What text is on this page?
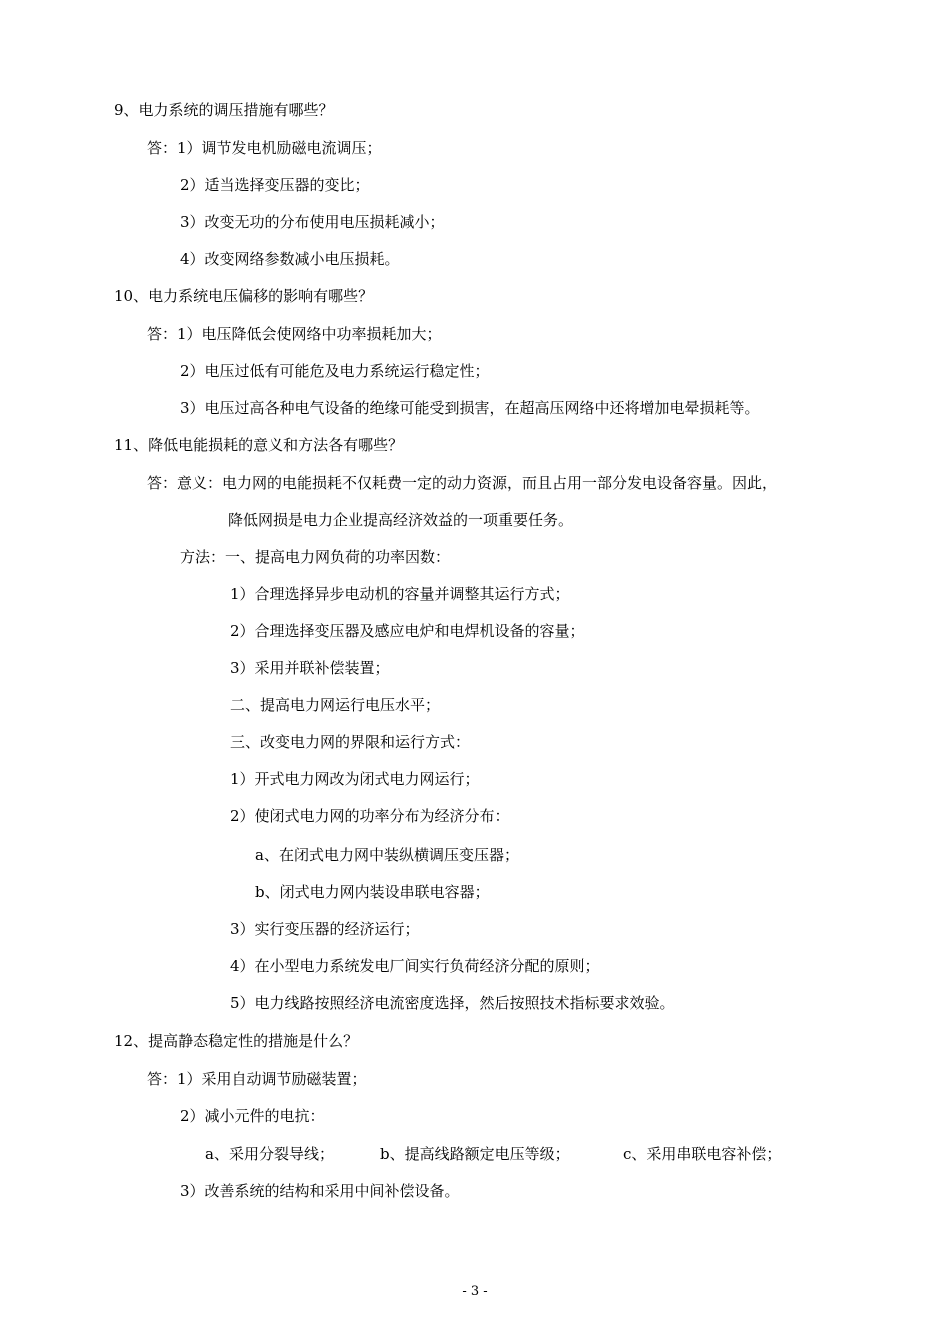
9、电力系统的调压措施有哪些？
答：1）调节发电机励磁电流调压；
2）适当选择变压器的变比；
3）改变无功的分布使用电压损耗减小；
4）改变网络参数减小电压损耗。
10、电力系统电压偏移的影响有哪些？
答：1）电压降低会使网络中功率损耗加大；
2）电压过低有可能危及电力系统运行稳定性；
3）电压过高各种电气设备的绝缘可能受到损害，在超高压网络中还将增加电晕损耗等。
11、降低电能损耗的意义和方法各有哪些？
答：意义：电力网的电能损耗不仅耗费一定的动力资源，而且占用一部分发电设备容量。因此，
降低网损是电力企业提高经济效益的一项重要任务。
方法：一、提高电力网负荷的功率因数：
1）合理选择异步电动机的容量并调整其运行方式；
2）合理选择变压器及感应电炉和电焊机设备的容量；
3）采用并联补偿装置；
二、提高电力网运行电压水平；
三、改变电力网的界限和运行方式：
1）开式电力网改为闭式电力网运行；
2）使闭式电力网的功率分布为经济分布：
a、在闭式电力网中装纵横调压变压器；
b、闭式电力网内装设串联电容器；
3）实行变压器的经济运行；
4）在小型电力系统发电厂间实行负荷经济分配的原则；
5）电力线路按照经济电流密度选择，然后按照技术指标要求效验。
12、提高静态稳定性的措施是什么？
答：1）采用自动调节励磁装置；
2）减小元件的电抗：
a、采用分裂导线；	b、提高线路额定电压等级；	c、采用串联电容补偿；
3）改善系统的结构和采用中间补偿设备。
- 3 -
